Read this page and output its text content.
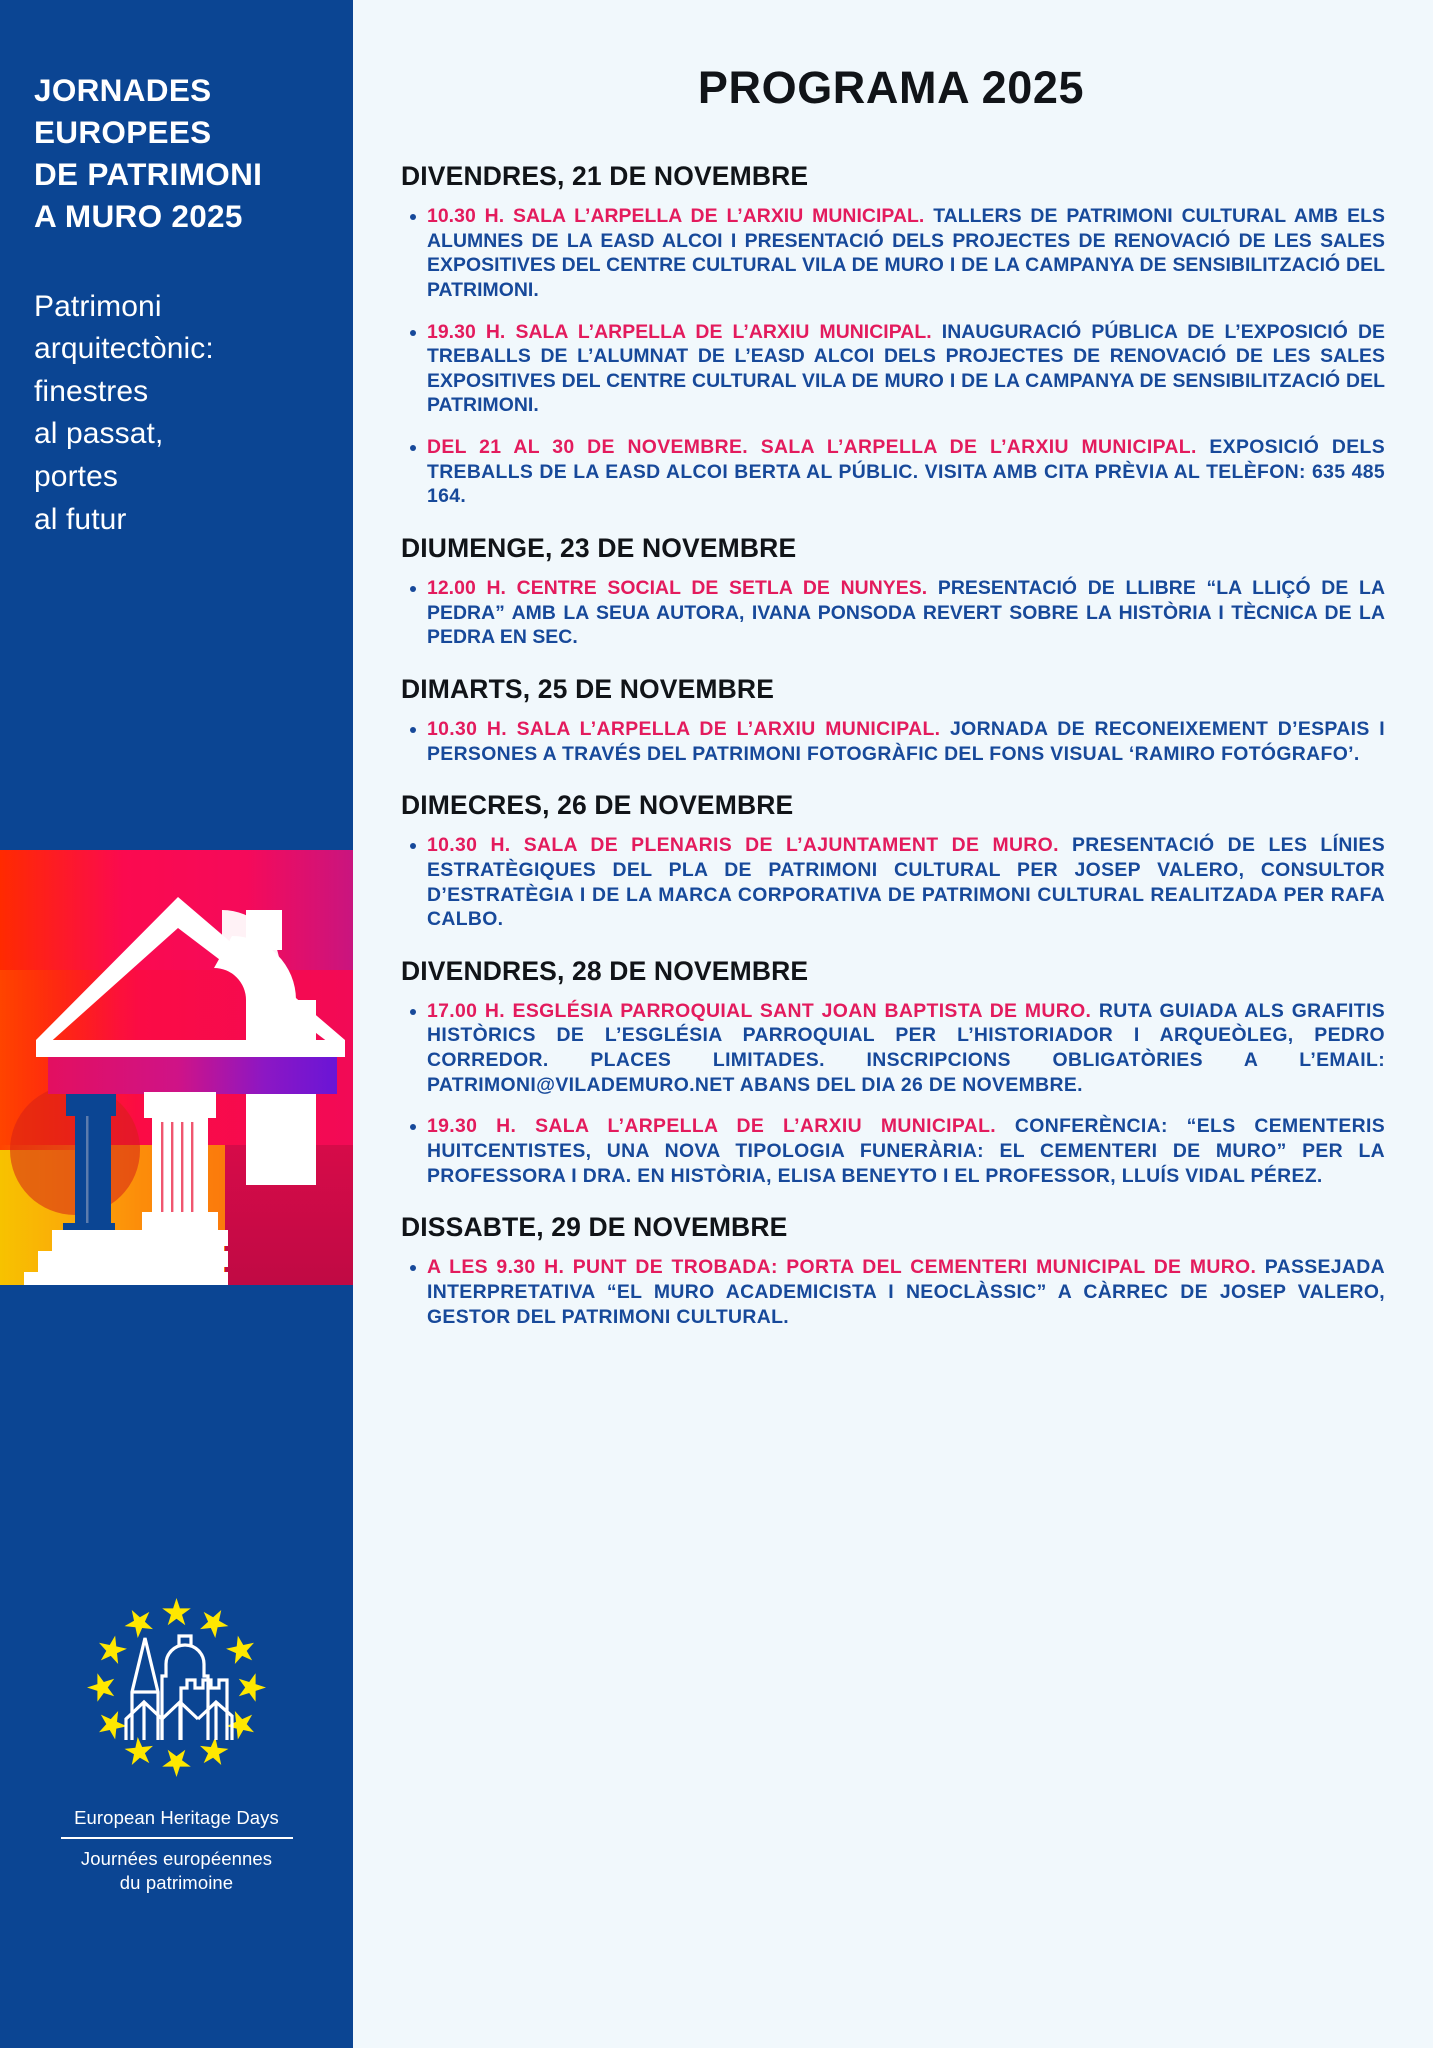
JORNADES
EUROPEES
DE PATRIMONI
A MURO 2025
Patrimoni
arquitectònic:
finestres
al passat,
portes
al futur
European Heritage Days
Journées européennes
du patrimoine
PROGRAMA 2025
DIVENDRES, 21 DE NOVEMBRE
10.30 H. SALA L’ARPELLA DE L’ARXIU MUNICIPAL. TALLERS DE PATRIMONI CULTURAL AMB ELS ALUMNES DE LA EASD ALCOI I PRESENTACIÓ DELS PROJECTES DE RENOVACIÓ DE LES SALES EXPOSITIVES DEL CENTRE CULTURAL VILA DE MURO I DE LA CAMPANYA DE SENSIBILITZACIÓ DEL PATRIMONI.
19.30 H. SALA L’ARPELLA DE L’ARXIU MUNICIPAL. INAUGURACIÓ PÚBLICA DE L’EXPOSICIÓ DE TREBALLS DE L’ALUMNAT DE L’EASD ALCOI DELS PROJECTES DE RENOVACIÓ DE LES SALES EXPOSITIVES DEL CENTRE CULTURAL VILA DE MURO I DE LA CAMPANYA DE SENSIBILITZACIÓ DEL PATRIMONI.
DEL 21 AL 30 DE NOVEMBRE. SALA L’ARPELLA DE L’ARXIU MUNICIPAL. EXPOSICIÓ DELS TREBALLS DE LA EASD ALCOI BERTA AL PÚBLIC. VISITA AMB CITA PRÈVIA AL TELÈFON: 635 485 164.
DIUMENGE, 23 DE NOVEMBRE
12.00 H. CENTRE SOCIAL DE SETLA DE NUNYES. PRESENTACIÓ DE LLIBRE “LA LLIÇÓ DE LA PEDRA” AMB LA SEUA AUTORA, IVANA PONSODA REVERT SOBRE LA HISTÒRIA I TÈCNICA DE LA PEDRA EN SEC.
DIMARTS, 25 DE NOVEMBRE
10.30 H. SALA L’ARPELLA DE L’ARXIU MUNICIPAL. JORNADA DE RECONEIXEMENT D’ESPAIS I PERSONES A TRAVÉS DEL PATRIMONI FOTOGRÀFIC DEL FONS VISUAL ‘RAMIRO FOTÓGRAFO’.
DIMECRES, 26 DE NOVEMBRE
10.30 H. SALA DE PLENARIS DE L’AJUNTAMENT DE MURO. PRESENTACIÓ DE LES LÍNIES ESTRATÈGIQUES DEL PLA DE PATRIMONI CULTURAL PER JOSEP VALERO, CONSULTOR D’ESTRATÈGIA I DE LA MARCA CORPORATIVA DE PATRIMONI CULTURAL REALITZADA PER RAFA CALBO.
DIVENDRES, 28 DE NOVEMBRE
17.00 H. ESGLÉSIA PARROQUIAL SANT JOAN BAPTISTA DE MURO. RUTA GUIADA ALS GRAFITIS HISTÒRICS DE L’ESGLÉSIA PARROQUIAL PER L’HISTORIADOR I ARQUEÒLEG, PEDRO CORREDOR. PLACES LIMITADES. INSCRIPCIONS OBLIGATÒRIES A L’EMAIL: PATRIMONI@VILADEMURO.NET ABANS DEL DIA 26 DE NOVEMBRE.
19.30 H. SALA L’ARPELLA DE L’ARXIU MUNICIPAL. CONFERÈNCIA: “ELS CEMENTERIS HUITCENTISTES, UNA NOVA TIPOLOGIA FUNERÀRIA: EL CEMENTERI DE MURO” PER LA PROFESSORA I DRA. EN HISTÒRIA, ELISA BENEYTO I EL PROFESSOR, LLUÍS VIDAL PÉREZ.
DISSABTE, 29 DE NOVEMBRE
A LES 9.30 H. PUNT DE TROBADA: PORTA DEL CEMENTERI MUNICIPAL DE MURO. PASSEJADA INTERPRETATIVA “EL MURO ACADEMICISTA I NEOCLÀSSIC” A CÀRREC DE JOSEP VALERO, GESTOR DEL PATRIMONI CULTURAL.
